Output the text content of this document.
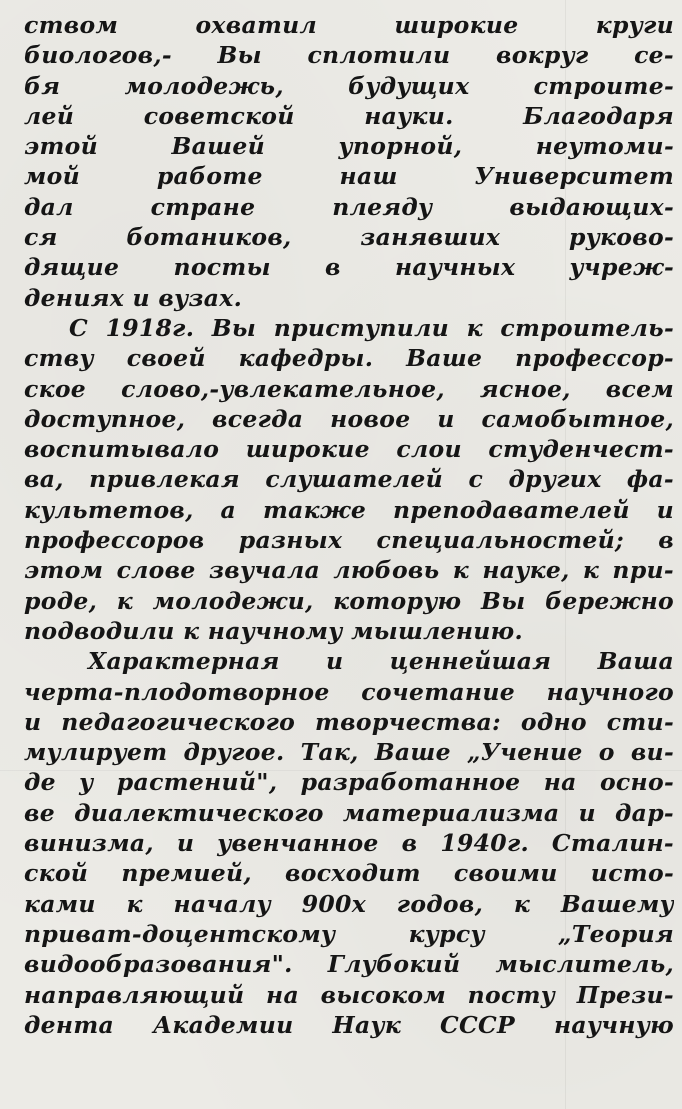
ством охватил широкие круги
биологов,- Вы сплотили вокруг се-
бя молодежь, будущих строите-
лей советской науки. Благодаря
этой Вашей упорной, неутоми-
мой работе наш Университет
дал стране плеяду выдающих-
ся ботаников, занявших руково-
дящие посты в научных учреж-
дениях и вузах.
С 1918г. Вы приступили к строитель-
ству своей кафедры. Ваше профессор-
ское слово,-увлекательное, ясное, всем
доступное, всегда новое и самобытное,
воспитывало широкие слои студенчест-
ва, привлекая слушателей с других фа-
культетов, а также преподавателей и
профессоров разных специальностей; в
этом слове звучала любовь к науке, к при-
роде, к молодежи, которую Вы бережно
подводили к научному мышлению.
Характерная и ценнейшая Ваша
черта-плодотворное сочетание научного
и педагогического творчества: одно сти-
мулирует другое. Так, Ваше „Учение о ви-
де у растений", разработанное на осно-
ве диалектического материализма и дар-
винизма, и увенчанное в 1940г. Сталин-
ской премией, восходит своими исто-
ками к началу 900х годов, к Вашему
приват-доцентскому курсу „Теория
видообразования". Глубокий мыслитель,
направляющий на высоком посту Прези-
дента Академии Наук СССР научную
